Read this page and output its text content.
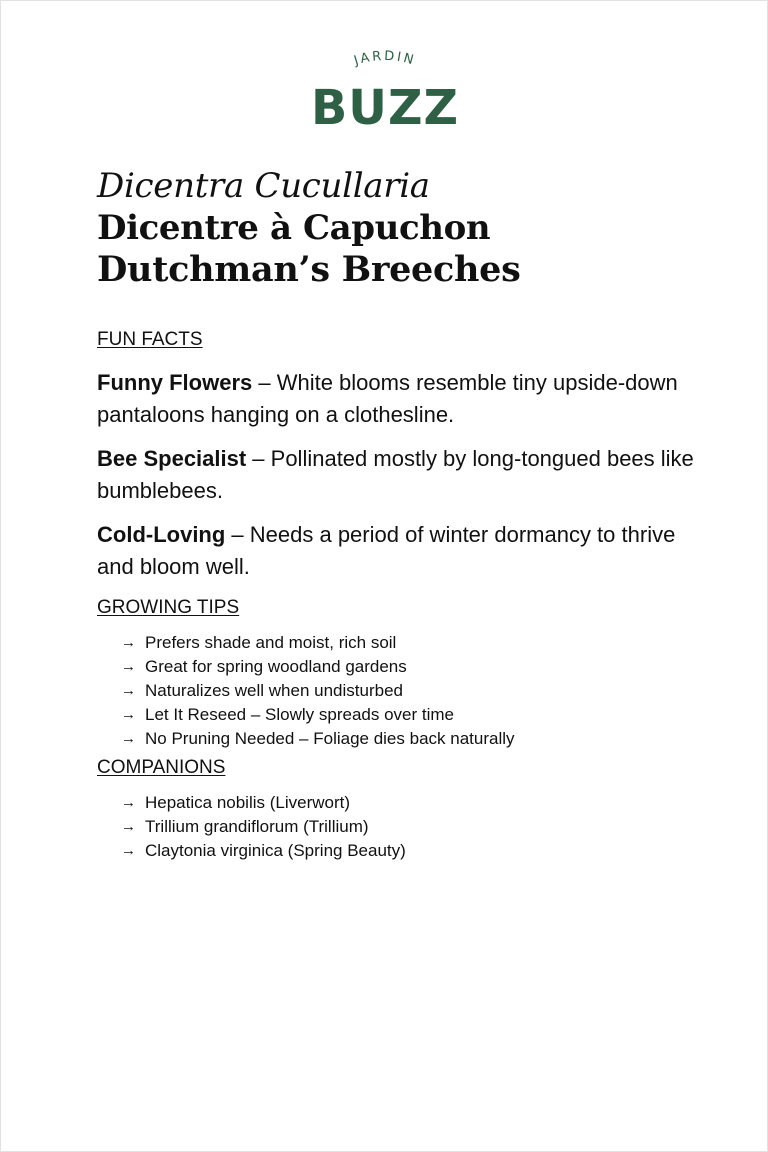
JARDIN
BUZZ
Dicentra Cucullaria
Dicentre à Capuchon
Dutchman’s Breeches
FUN FACTS

Funny Flowers – White blooms resemble tiny upside-down pantaloons hanging on a clothesline.

Bee Specialist – Pollinated mostly by long-tongued bees like bumblebees.

Cold-Loving – Needs a period of winter dormancy to thrive and bloom well.

GROWING TIPS
→ Prefers shade and moist, rich soil
→ Great for spring woodland gardens
→ Naturalizes well when undisturbed
→ Let It Reseed – Slowly spreads over time
→ No Pruning Needed – Foliage dies back naturally
COMPANIONS
→ Hepatica nobilis (Liverwort)
→ Trillium grandiflorum (Trillium)
→ Claytonia virginica (Spring Beauty)
